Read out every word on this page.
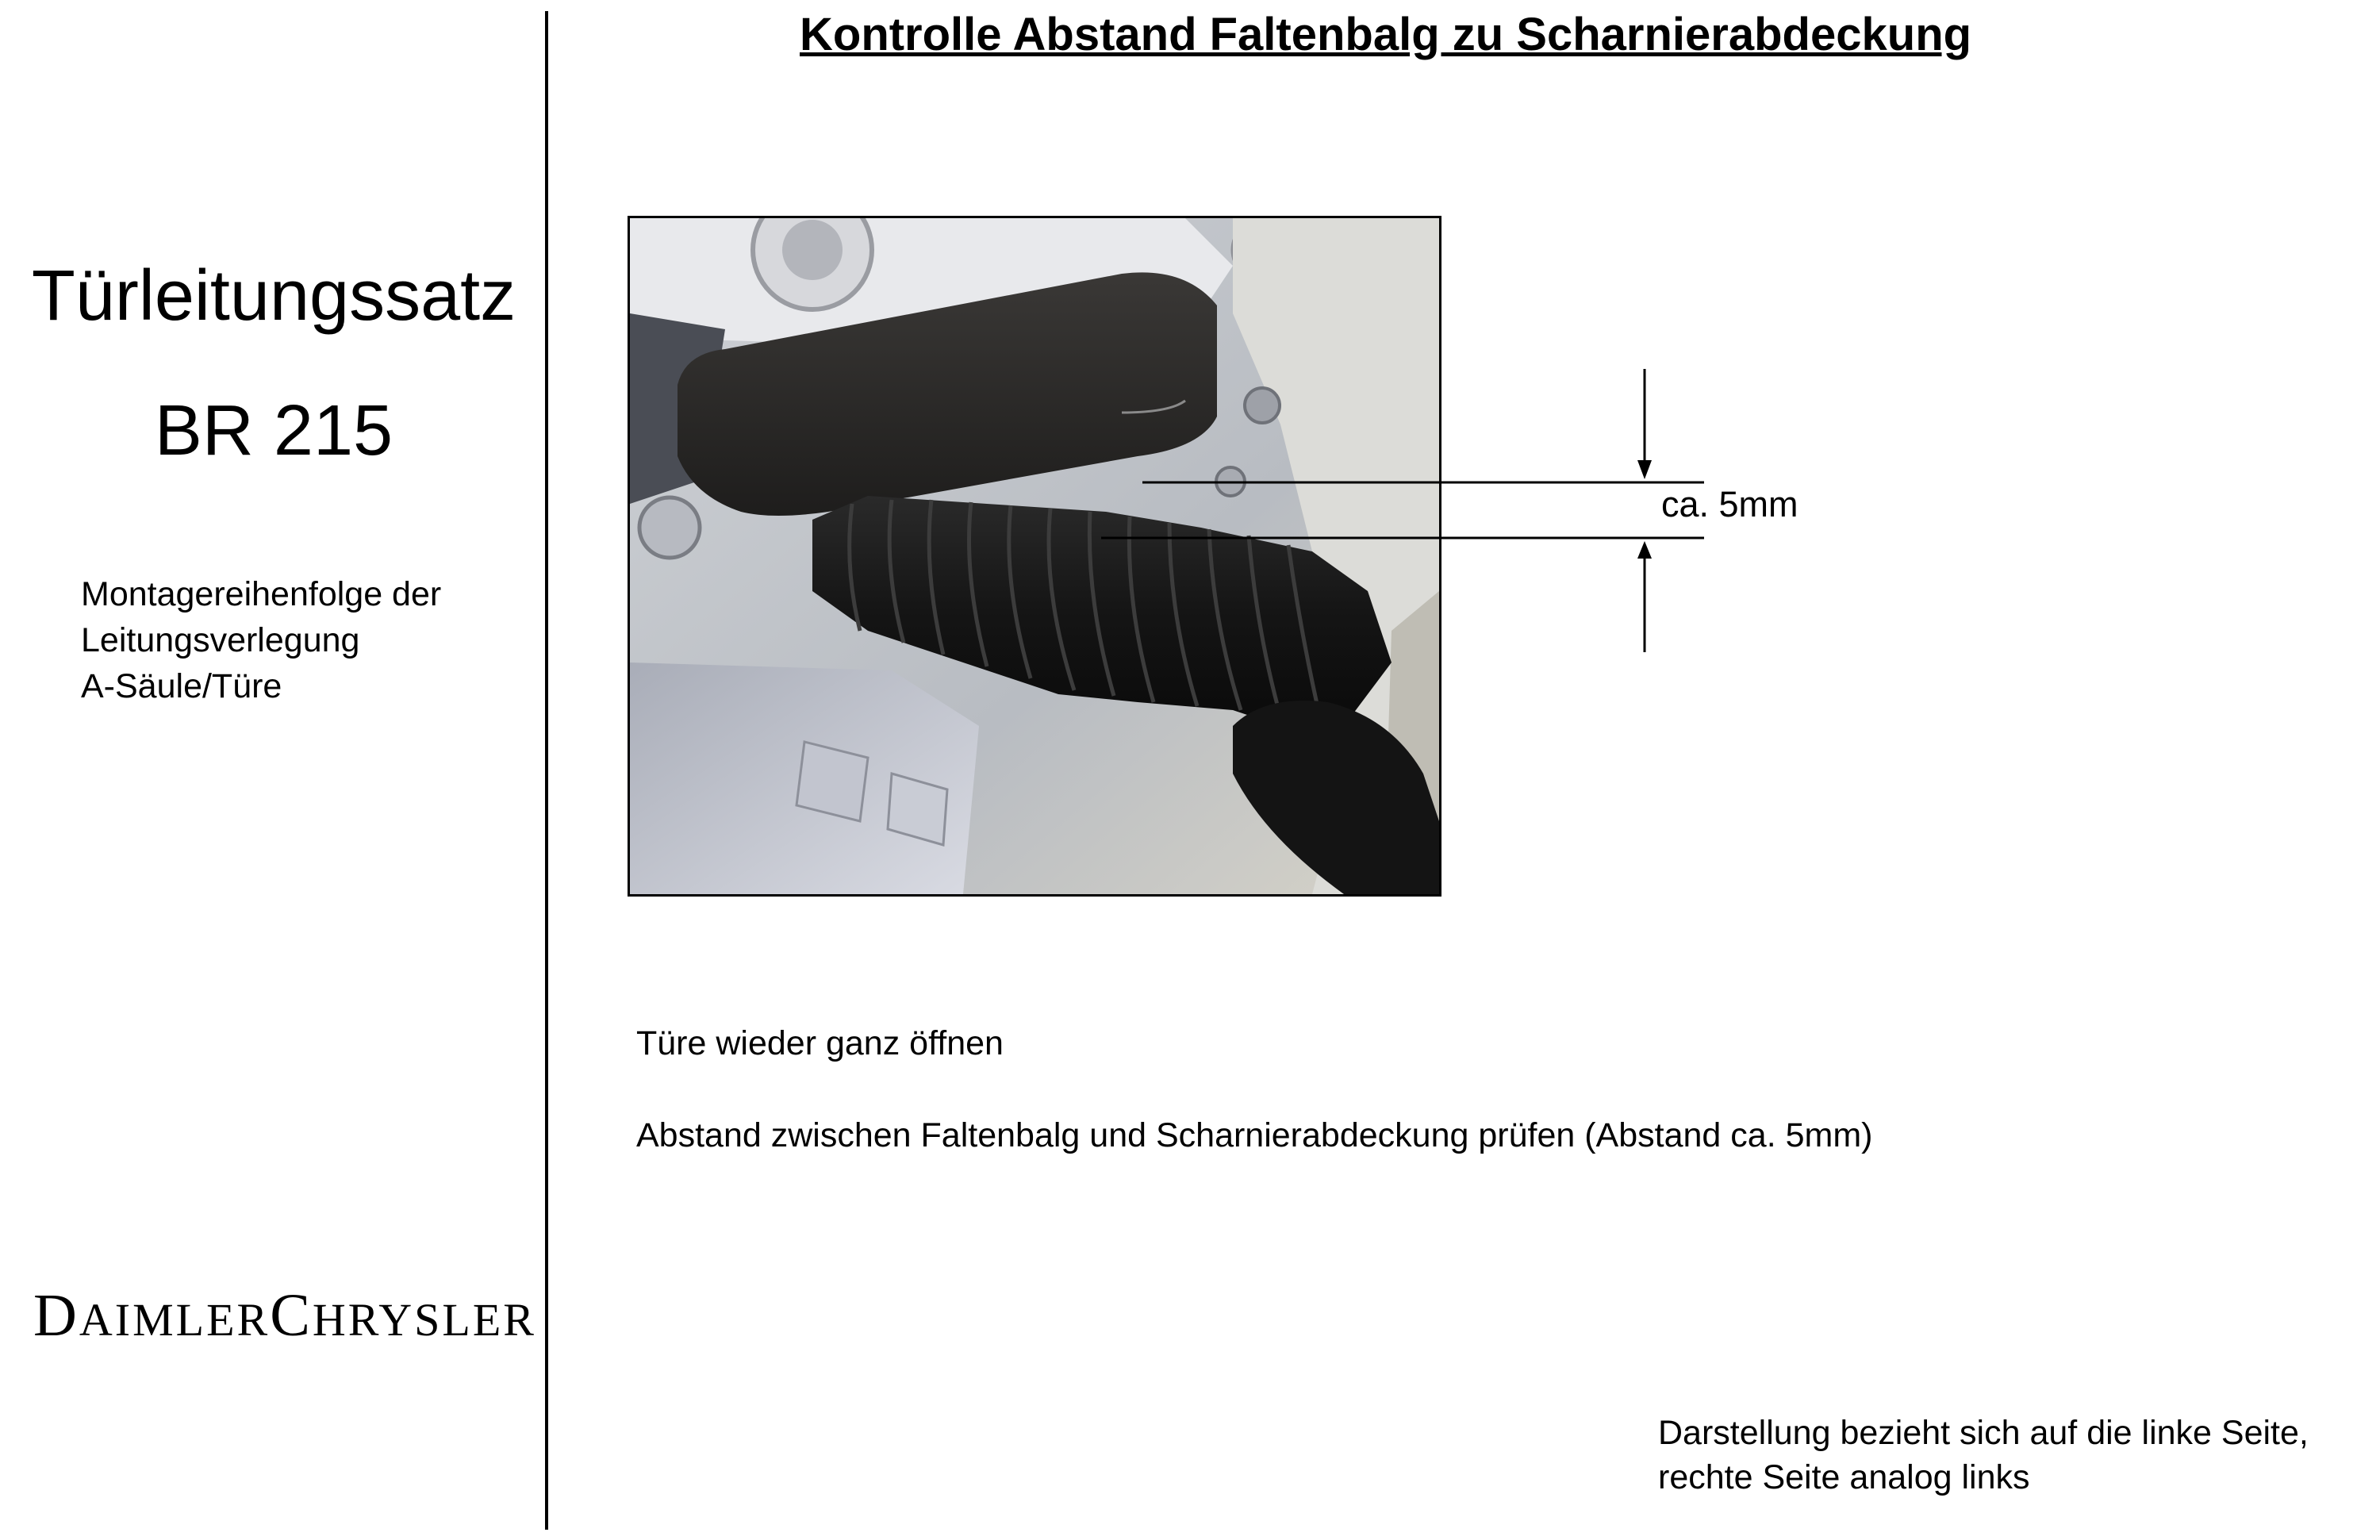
Türleitungssatz
BR 215
Montagereihenfolge der
Leitungsverlegung
A-Säule/Türe
DAIMLERCHRYSLER
Kontrolle Abstand Faltenbalg zu Scharnierabdeckung
ca. 5mm
Türe wieder ganz öffnen
Abstand zwischen Faltenbalg und Scharnierabdeckung prüfen (Abstand ca. 5mm)
Darstellung bezieht sich auf die linke Seite,
rechte Seite analog links
